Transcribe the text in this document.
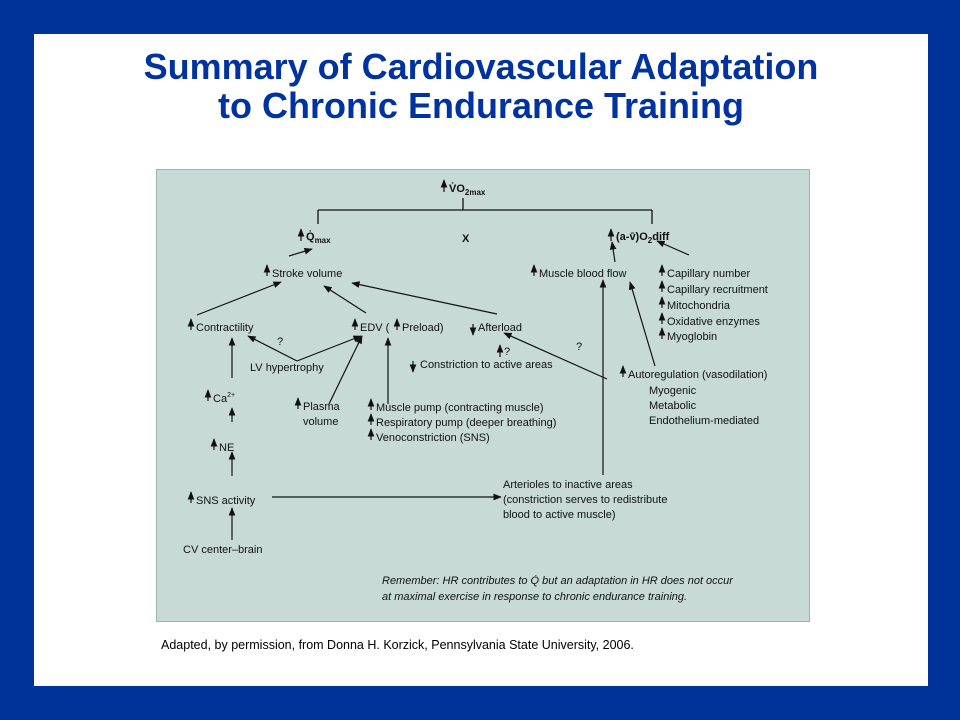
Summary of Cardiovascular Adaptation
to Chronic Endurance Training
$V̇O_{2max}$
$Q̇_{max}$	X	$(a-v̄)O_2diff$
Stroke volume	Muscle blood flow	Capillary number
Capillary recruitment
Mitochondria
Oxidative enzymes
Myoglobin
Contractility	EDV ( Preload)	Afterload
?
?	?
LV hypertrophy	Constriction to active areas
Autoregulation (vasodilation)
Myogenic
Metabolic
Endothelium-mediated
$Ca^{2+}$
Plasma
volume
Muscle pump (contracting muscle)
Respiratory pump (deeper breathing)
Venoconstriction (SNS)
NE
SNS activity
Arterioles to inactive areas
(constriction serves to redistribute
blood to active muscle)
CV center–brain
Remember: HR contributes to Q̇ but an adaptation in HR does not occur
at maximal exercise in response to chronic endurance training.
Adapted, by permission, from Donna H. Korzick, Pennsylvania State University, 2006.
